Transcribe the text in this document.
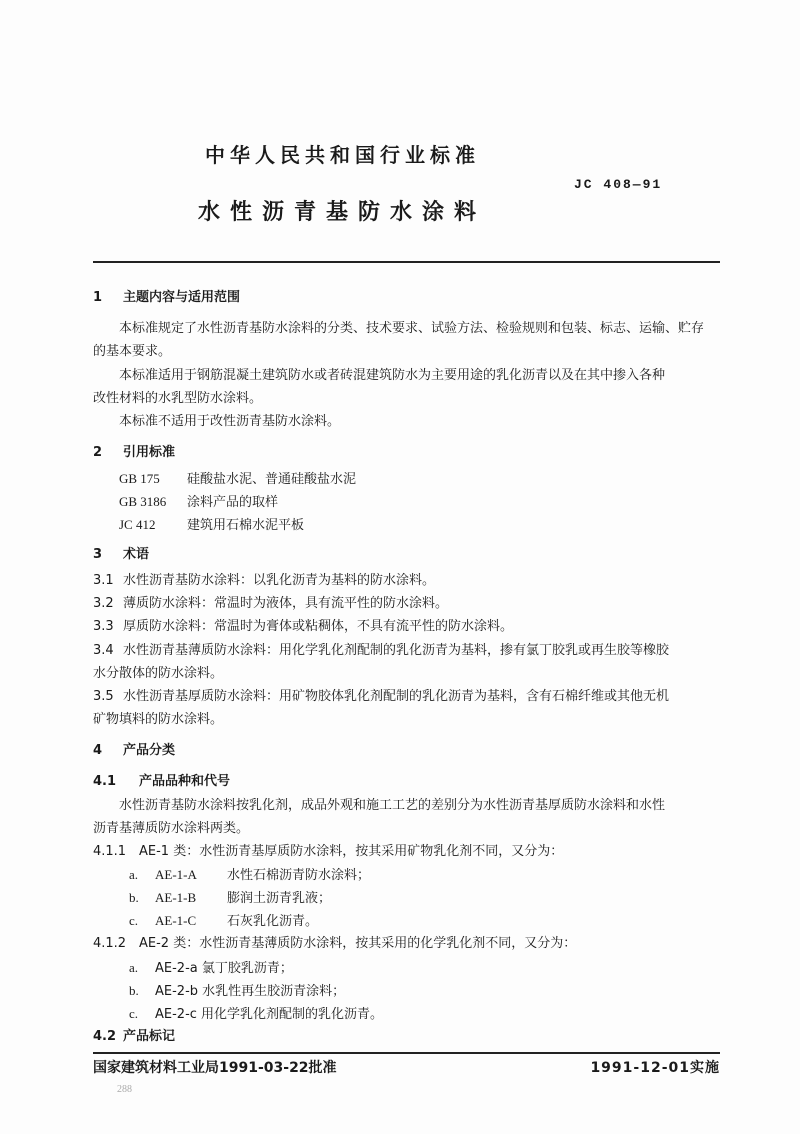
中华人民共和国行业标准
JC 408—91
水性沥青基防水涂料
1 主题内容与适用范围
本标准规定了水性沥青基防水涂料的分类、技术要求、试验方法、检验规则和包装、标志、运输、贮存
的基本要求。
本标准适用于钢筋混凝土建筑防水或者砖混建筑防水为主要用途的乳化沥青以及在其中掺入各种
改性材料的水乳型防水涂料。
本标准不适用于改性沥青基防水涂料。
2 引用标准
GB 175 硅酸盐水泥、普通硅酸盐水泥
GB 3186 涂料产品的取样
JC 412 建筑用石棉水泥平板
3 术语
3.1 水性沥青基防水涂料：以乳化沥青为基料的防水涂料。
3.2 薄质防水涂料：常温时为液体，具有流平性的防水涂料。
3.3 厚质防水涂料：常温时为膏体或粘稠体，不具有流平性的防水涂料。
3.4 水性沥青基薄质防水涂料：用化学乳化剂配制的乳化沥青为基料，掺有氯丁胶乳或再生胶等橡胶
水分散体的防水涂料。
3.5 水性沥青基厚质防水涂料：用矿物胶体乳化剂配制的乳化沥青为基料，含有石棉纤维或其他无机
矿物填料的防水涂料。
4 产品分类
4.1 产品品种和代号
水性沥青基防水涂料按乳化剂，成品外观和施工工艺的差别分为水性沥青基厚质防水涂料和水性
沥青基薄质防水涂料两类。
4.1.1 AE-1 类：水性沥青基厚质防水涂料，按其采用矿物乳化剂不同，又分为：
a. AE-1-A 水性石棉沥青防水涂料；
b. AE-1-B 膨润土沥青乳液；
c. AE-1-C 石灰乳化沥青。
4.1.2 AE-2 类：水性沥青基薄质防水涂料，按其采用的化学乳化剂不同，又分为：
a. AE-2-a 氯丁胶乳沥青；
b. AE-2-b 水乳性再生胶沥青涂料；
c. AE-2-c 用化学乳化剂配制的乳化沥青。
4.2 产品标记
国家建筑材料工业局1991-03-22批准	1991-12-01实施
288
